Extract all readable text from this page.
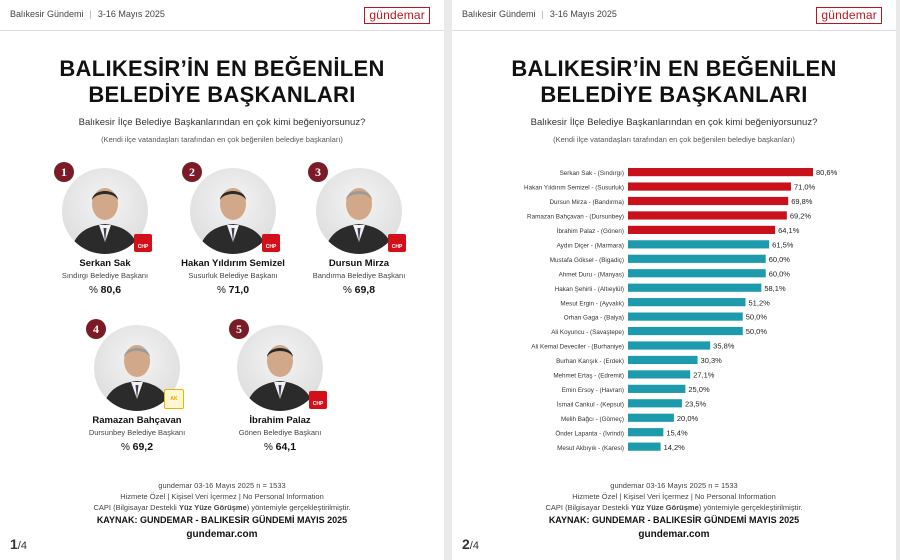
Balıkesir Gündemi | 3-16 Mayıs 2025	gündemar
BALIKESİR’İN EN BEĞENİLEN
BELEDİYE BAŞKANLARI
Balıkesir İlçe Belediye Başkanlarından en çok kimi beğeniyorsunuz?
(Kendi ilçe vatandaşları tarafından en çok beğenilen belediye başkanları)
1
CHP
Serkan Sak
Sındırgı Belediye Başkanı
% 80,6
2
CHP
Hakan Yıldırım Semizel
Susurluk Belediye Başkanı
% 71,0
3
CHP
Dursun Mirza
Bandırma Belediye Başkanı
% 69,8
4
AK
Ramazan Bahçavan
Dursunbey Belediye Başkanı
% 69,2
5
CHP
İbrahim Palaz
Gönen Belediye Başkanı
% 64,1
gundemar 03-16 Mayıs 2025 n = 1533
Hizmete Özel | Kişisel Veri İçermez | No Personal Information
CAPI (Bilgisayar Destekli Yüz Yüze Görüşme) yöntemiyle gerçekleştirilmiştir.
KAYNAK: GUNDEMAR - BALIKESİR GÜNDEMİ MAYIS 2025
gundemar.com
1/4
Balıkesir Gündemi | 3-16 Mayıs 2025	gündemar
BALIKESİR’İN EN BEĞENİLEN
BELEDİYE BAŞKANLARI
Balıkesir İlçe Belediye Başkanlarından en çok kimi beğeniyorsunuz?
(Kendi ilçe vatandaşları tarafından en çok beğenilen belediye başkanları)
Serkan Sak - (Sındırgı)	80,6%
Hakan Yıldırım Semizel - (Susurluk)	71,0%
Dursun Mirza - (Bandırma)	69,8%
Ramazan Bahçavan - (Dursunbey)	69,2%
İbrahim Palaz - (Gönen)	64,1%
Aydın Diçer - (Marmara)	61,5%
Mustafa Göksel - (Bigadiç)	60,0%
Ahmet Duru - (Manyas)	60,0%
Hakan Şehirli - (Altıeylül)	58,1%
Mesut Ergin - (Ayvalık)	51,2%
Orhan Gaga - (Balya)	50,0%
Ali Koyuncu - (Savaştepe)	50,0%
Ali Kemal Deveciler - (Burhaniye)	35,8%
Burhan Karışık - (Erdek)	30,3%
Mehmet Ertaş - (Edremit)	27,1%
Emin Ersoy - (Havran)	25,0%
İsmail Cankul - (Kepsut)	23,5%
Melih Bağcı - (Gömeç)	20,0%
Önder Lapanta - (İvrindi)	15,4%
Mesut Akbıyık - (Karesi)	14,2%
gundemar 03-16 Mayıs 2025 n = 1533
Hizmete Özel | Kişisel Veri İçermez | No Personal Information
CAPI (Bilgisayar Destekli Yüz Yüze Görüşme) yöntemiyle gerçekleştirilmiştir.
KAYNAK: GUNDEMAR - BALIKESİR GÜNDEMİ MAYIS 2025
gundemar.com
2/4
